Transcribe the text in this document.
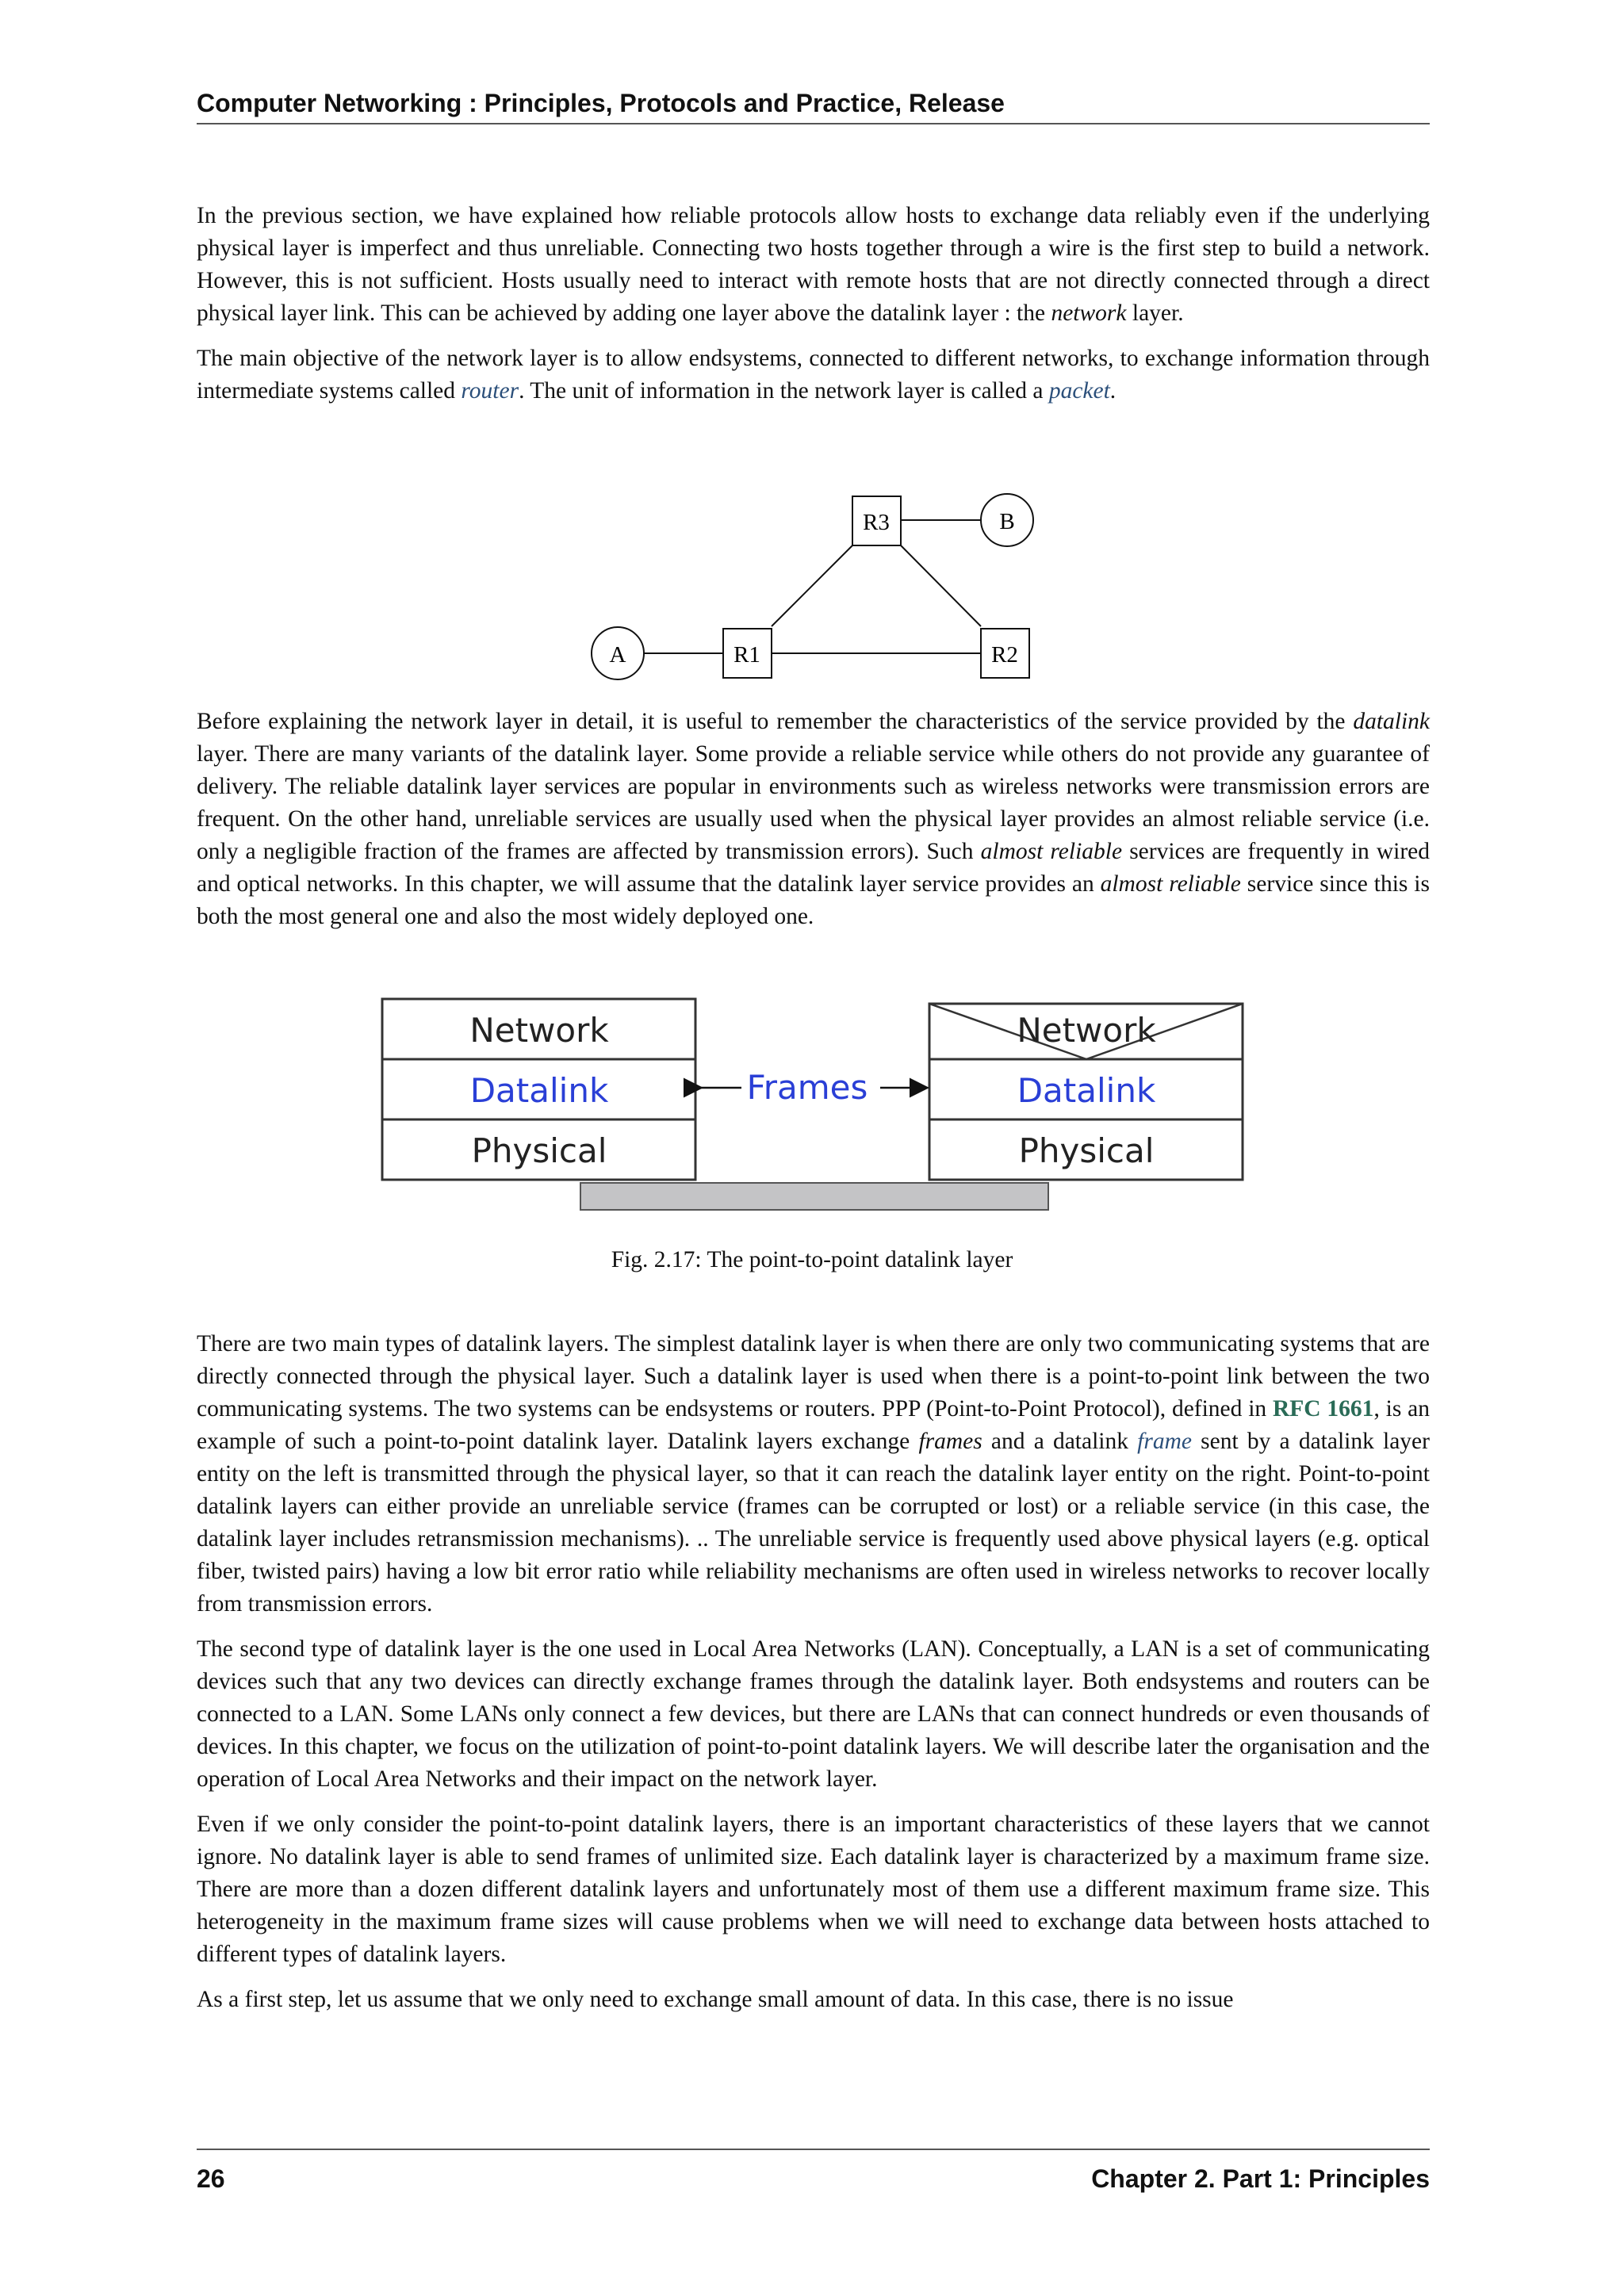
Computer Networking : Principles, Protocols and Practice, Release

In the previous section, we have explained how reliable protocols allow hosts to exchange data reliably even if the underlying physical layer is imperfect and thus unreliable. Connecting two hosts together through a wire is the first step to build a network. However, this is not sufficient. Hosts usually need to interact with remote hosts that are not directly connected through a direct physical layer link. This can be achieved by adding one layer above the datalink layer : the network layer.

The main objective of the network layer is to allow endsystems, connected to different networks, to exchange information through intermediate systems called router. The unit of information in the network layer is called a packet.

R3	B
A	R1	R2

Before explaining the network layer in detail, it is useful to remember the characteristics of the service provided by the datalink layer. There are many variants of the datalink layer. Some provide a reliable service while others do not provide any guarantee of delivery. The reliable datalink layer services are popular in environments such as wireless networks were transmission errors are frequent. On the other hand, unreliable services are usually used when the physical layer provides an almost reliable service (i.e. only a negligible fraction of the frames are affected by transmission errors). Such almost reliable services are frequently in wired and optical networks. In this chapter, we will assume that the datalink layer service provides an almost reliable service since this is both the most general one and also the most widely deployed one.

Network
Datalink
Physical
Network
Datalink
Physical
Frames
Fig. 2.17: The point-to-point datalink layer

There are two main types of datalink layers. The simplest datalink layer is when there are only two communicating systems that are directly connected through the physical layer. Such a datalink layer is used when there is a point-to-point link between the two communicating systems. The two systems can be endsystems or routers. PPP (Point-to-Point Protocol), defined in RFC 1661, is an example of such a point-to-point datalink layer. Datalink layers exchange frames and a datalink frame sent by a datalink layer entity on the left is transmitted through the physical layer, so that it can reach the datalink layer entity on the right. Point-to-point datalink layers can either provide an unreliable service (frames can be corrupted or lost) or a reliable service (in this case, the datalink layer includes retransmission mechanisms). .. The unreliable service is frequently used above physical layers (e.g. optical fiber, twisted pairs) having a low bit error ratio while reliability mechanisms are often used in wireless networks to recover locally from transmission errors.

The second type of datalink layer is the one used in Local Area Networks (LAN). Conceptually, a LAN is a set of communicating devices such that any two devices can directly exchange frames through the datalink layer. Both endsystems and routers can be connected to a LAN. Some LANs only connect a few devices, but there are LANs that can connect hundreds or even thousands of devices. In this chapter, we focus on the utilization of point-to-point datalink layers. We will describe later the organisation and the operation of Local Area Networks and their impact on the network layer.

Even if we only consider the point-to-point datalink layers, there is an important characteristics of these layers that we cannot ignore. No datalink layer is able to send frames of unlimited size. Each datalink layer is characterized by a maximum frame size. There are more than a dozen different datalink layers and unfortunately most of them use a different maximum frame size. This heterogeneity in the maximum frame sizes will cause problems when we will need to exchange data between hosts attached to different types of datalink layers.

As a first step, let us assume that we only need to exchange small amount of data. In this case, there is no issue

26	Chapter 2. Part 1: Principles
